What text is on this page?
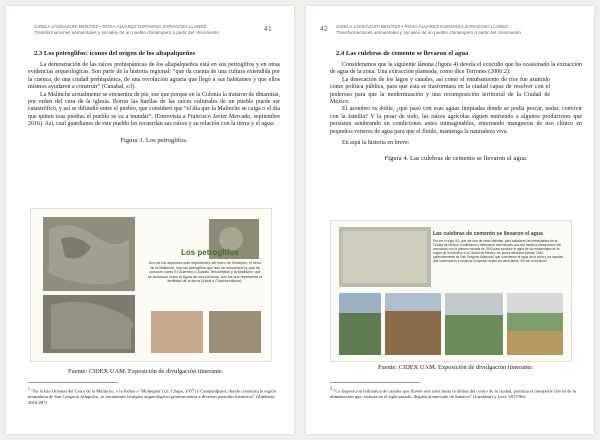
GISELA LANDÁZURI BENÍTEZ ▪ ROSA ÁLVAREZ ESPINOSA ZARAGOZA LLANEZ
Transformaciones ambientales y sociales de un pueblo chinampero a partir del crecimiento	41
2.3 Los petroglifos: íconos del origen de los altapalqueños

La demostración de las raíces prehispánicas de los altapalqueños está en sus petroglifos y en otras evidencias arqueológicas. Son parte de la historia regional: “que da cuenta de una cultura extendida por la cuenca, de una ciudad prehispánica, de una revolución agraria que llegó a sus habitantes y que ellos mismos ayudaron a construir” (Canabal, s/f).

La Malinche actualmente se encuentra de pie, ese que porque en la Colonia la trataron de dinamitar, por orden del cura de la iglesia. Borrar las huellas de las raíces culturales de un pueblo puede ser catastrófico, y así se difundió entre el pueblo, que consideró que “el día que la Malinche se caiga o el día que quiten esas piedras el pueblo se va a inundar”. (Entrevista a Francisco Javier Mercado, septiembre 2016). Así, cual guardianes de este pueblo les recuerdan sus raíces y su relación con la tierra y el agua:

Figura 3. Los petroglifos.
Los petroglifos
Uno de los aspectos más importantes del cerro de Xilotepec, el cerro de la Malinche, son los petroglifos que aún se encuentran y que se conocen como El Guerrero o Juanito Tenochtitlan y la Malinche, que se reconoce como la figura de una persona, son los que representa la fertilidad de la tierra (Xolotl y Chalchiuhtlicue).
Fuente: CIDEX UAM. Exposición de divulgación itinerante.
1 “En la Isla Oriental del Cerro de la Malinche, o la Palma o ‘Montepan’ (cfr. Chapa, 1957) o Campanlpuert, donde comienza la región montañosa de San Gregorio Atlapulco, se encuentran vestigios arqueológicos pertenecientes a diversos períodos históricos” (Zimbrón, 2010:287)
42 GISELA LANDÁZURI BENÍTEZ ▪ ROSA ÁLVAREZ ESPINOSA ZARAGOZA LLANEZ
Transformaciones ambientales y sociales de un pueblo chinampero a partir del crecimiento
2.4 Las culebras de cemento se llevaron el agua

Consideramos que la siguiente lámina (figura 4) devela el ecocidio que ha ocasionado la extracción de agua de la zona. Una extracción planeada, como dice Terrones (2006:2):

La desecación de los lagos y canales, así como el entubamiento de ríos fue asumido como política pública, para que esta se trasformara en la ciudad capaz de resolver con el poderoso para que la modernización y una recomposición territorial de la Ciudad de México.

El asombro es doble, ¿qué pasó con esas aguas limpiadas donde se podía pescar, nadar, convivir con la familia? Y la pesar de todo, las raíces agrícolas siguen nutriendo a algunos productores que persisten sembrando en condiciones antes inimaginables, enterrando mangueras de uso clínico en pequeños veneros de agua para que el fluido, mantenga la naturaleza viva.

En aquí la historia en breve:

Figura 4. Las culebras de cemento se llevaron el agua.
Las culebras de cemento se llevaron el agua
Por ser el siglo XX, que ser una de otras historias, para satisfacer las necesidades de la Ciudad de México, modificaron y desecaron extensiones una vez hasta la construcción del acueducto con la primera década de 1900 para conducir el agua de los manantiales de la región de Xochimilco a la Ciudad de México; los pozos afectaron (desde 1940, particularmente de San Gregorio Atlapulco) que sucedieron el agua de la zona y los canales que comenzaron a empezar a inyectar desde los otros lados. Ver así la tradición.
Fuente: CIDEX UAM. Exposición de divulgación itinerante.
3 “La disposición hidráulica de canales que fluven este zona hasta la última del centro de la ciudad, permitía el transporte fluvial de la alimentación que, todavía en el siglo pasado, llegaba al mercado de Jamaica” (Landázuri y Levi, 2013:96).
